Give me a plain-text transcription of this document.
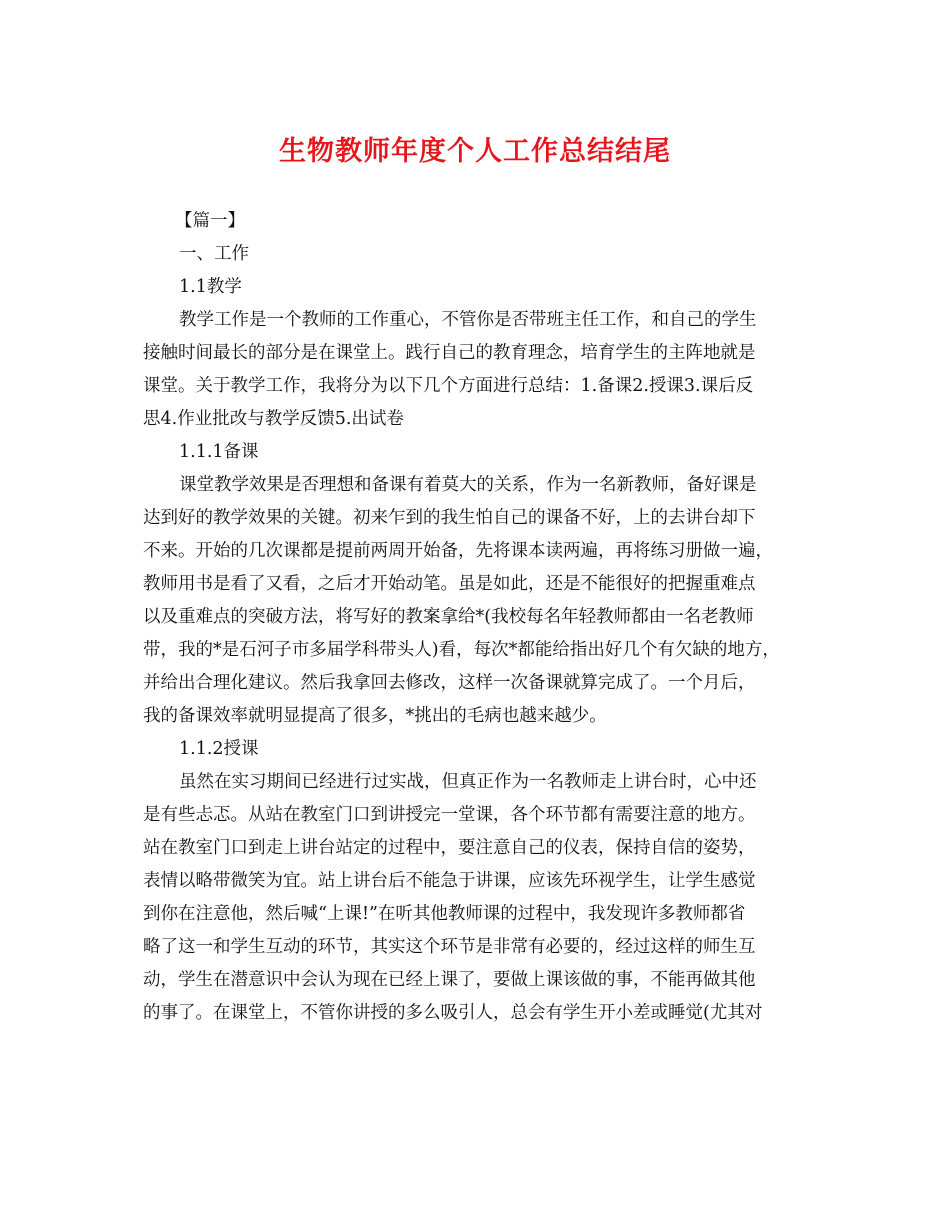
生物教师年度个人工作总结结尾

【篇一】

一、工作

1.1教学

教学工作是一个教师的工作重心，不管你是否带班主任工作，和自己的学生

接触时间最长的部分是在课堂上。践行自己的教育理念，培育学生的主阵地就是

课堂。关于教学工作，我将分为以下几个方面进行总结：1.备课2.授课3.课后反

思4.作业批改与教学反馈5.出试卷

1.1.1备课

课堂教学效果是否理想和备课有着莫大的关系，作为一名新教师，备好课是

达到好的教学效果的关键。初来乍到的我生怕自己的课备不好，上的去讲台却下

不来。开始的几次课都是提前两周开始备，先将课本读两遍，再将练习册做一遍，

教师用书是看了又看，之后才开始动笔。虽是如此，还是不能很好的把握重难点

以及重难点的突破方法，将写好的教案拿给*(我校每名年轻教师都由一名老教师

带，我的*是石河子市多届学科带头人)看，每次*都能给指出好几个有欠缺的地方，

并给出合理化建议。然后我拿回去修改，这样一次备课就算完成了。一个月后，

我的备课效率就明显提高了很多，*挑出的毛病也越来越少。

1.1.2授课

虽然在实习期间已经进行过实战，但真正作为一名教师走上讲台时，心中还

是有些忐忑。从站在教室门口到讲授完一堂课，各个环节都有需要注意的地方。

站在教室门口到走上讲台站定的过程中，要注意自己的仪表，保持自信的姿势，

表情以略带微笑为宜。站上讲台后不能急于讲课，应该先环视学生，让学生感觉

到你在注意他，然后喊“上课!”在听其他教师课的过程中，我发现许多教师都省

略了这一和学生互动的环节，其实这个环节是非常有必要的，经过这样的师生互

动，学生在潜意识中会认为现在已经上课了，要做上课该做的事，不能再做其他

的事了。在课堂上，不管你讲授的多么吸引人，总会有学生开小差或睡觉(尤其对
